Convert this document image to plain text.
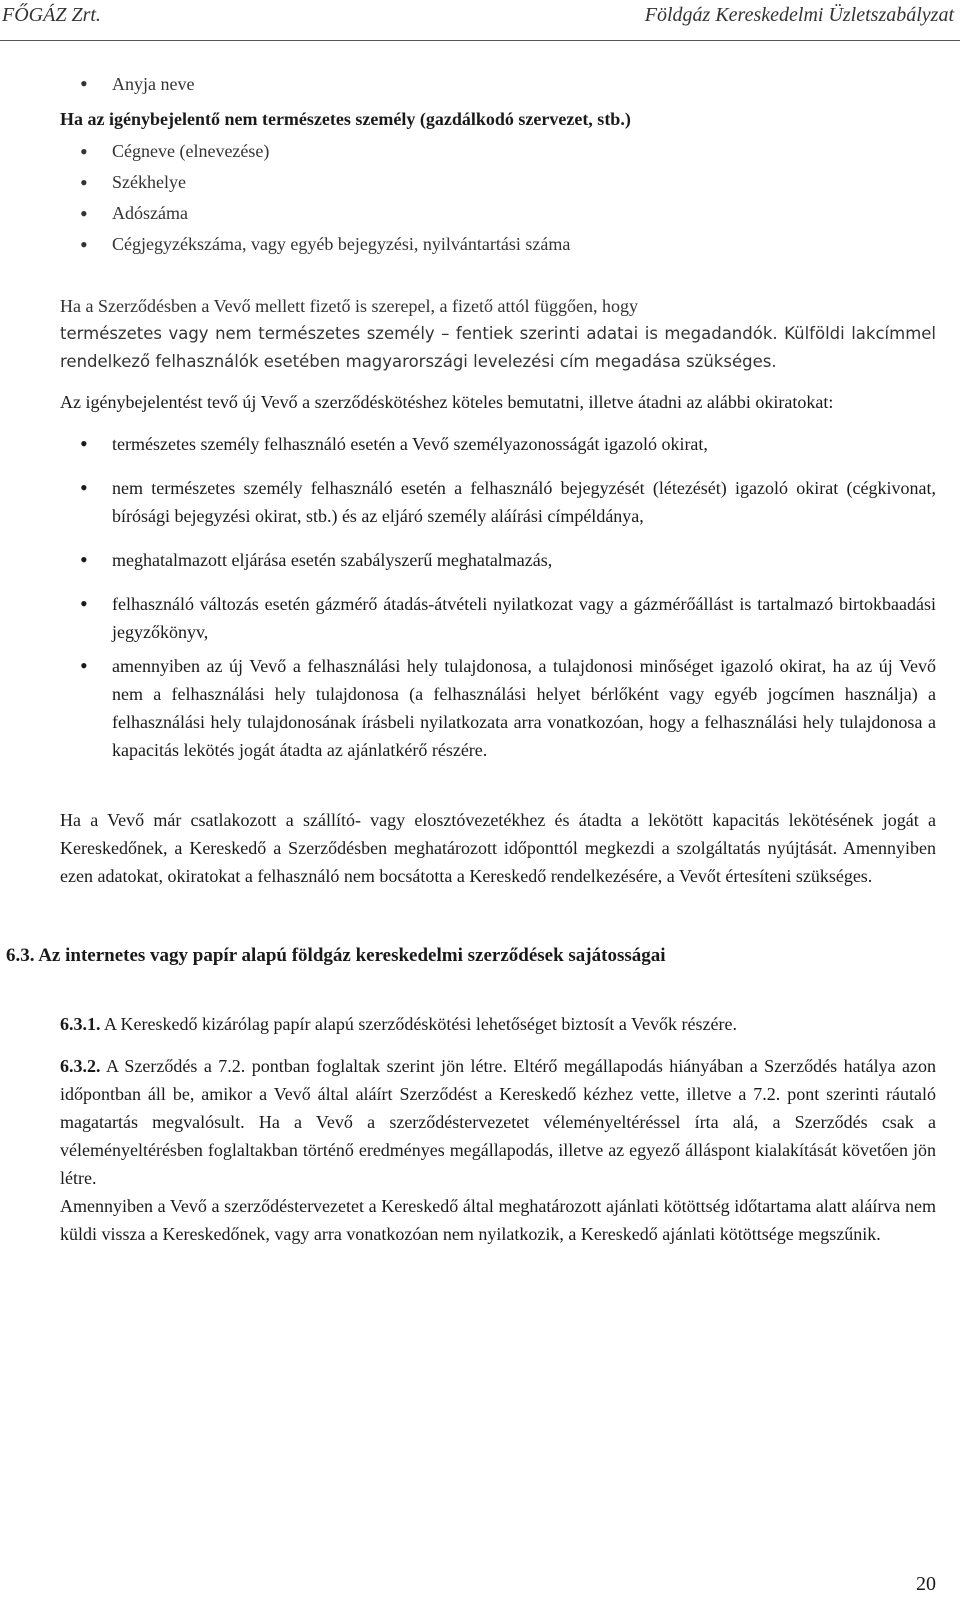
FŐGÁZ Zrt.	Földgáz Kereskedelmi Üzletszabályzat
• Anyja neve
Ha az igénybejelentő nem természetes személy (gazdálkodó szervezet, stb.)
• Cégneve (elnevezése)
• Székhelye
• Adószáma
• Cégjegyzékszáma, vagy egyéb bejegyzési, nyilvántartási száma
Ha a Szerződésben a Vevő mellett fizető is szerepel, a fizető attól függően, hogy
természetes vagy nem természetes személy – fentiek szerinti adatai is megadandók. Külföldi lakcímmel rendelkező felhasználók esetében magyarországi levelezési cím megadása szükséges.
Az igénybejelentést tevő új Vevő a szerződéskötéshez köteles bemutatni, illetve átadni az alábbi okiratokat:
• természetes személy felhasználó esetén a Vevő személyazonosságát igazoló okirat,
• nem természetes személy felhasználó esetén a felhasználó bejegyzését (létezését) igazoló okirat (cégkivonat, bírósági bejegyzési okirat, stb.) és az eljáró személy aláírási címpéldánya,
• meghatalmazott eljárása esetén szabályszerű meghatalmazás,
• felhasználó változás esetén gázmérő átadás-átvételi nyilatkozat vagy a gázmérőállást is tartalmazó birtokbaadási jegyzőkönyv,
• amennyiben az új Vevő a felhasználási hely tulajdonosa, a tulajdonosi minőséget igazoló okirat, ha az új Vevő nem a felhasználási hely tulajdonosa (a felhasználási helyet bérlőként vagy egyéb jogcímen használja) a felhasználási hely tulajdonosának írásbeli nyilatkozata arra vonatkozóan, hogy a felhasználási hely tulajdonosa a kapacitás lekötés jogát átadta az ajánlatkérő részére.
Ha a Vevő már csatlakozott a szállító- vagy elosztóvezetékhez és átadta a lekötött kapacitás lekötésének jogát a Kereskedőnek, a Kereskedő a Szerződésben meghatározott időponttól megkezdi a szolgáltatás nyújtását. Amennyiben ezen adatokat, okiratokat a felhasználó nem bocsátotta a Kereskedő rendelkezésére, a Vevőt értesíteni szükséges.
6.3. Az internetes vagy papír alapú földgáz kereskedelmi szerződések sajátosságai
6.3.1. A Kereskedő kizárólag papír alapú szerződéskötési lehetőséget biztosít a Vevők részére.
6.3.2. A Szerződés a 7.2. pontban foglaltak szerint jön létre. Eltérő megállapodás hiányában a Szerződés hatálya azon időpontban áll be, amikor a Vevő által aláírt Szerződést a Kereskedő kézhez vette, illetve a 7.2. pont szerinti ráutaló magatartás megvalósult. Ha a Vevő a szerződéstervezetet véleményeltéréssel írta alá, a Szerződés csak a véleményeltérésben foglaltakban történő eredményes megállapodás, illetve az egyező álláspont kialakítását követően jön létre.
Amennyiben a Vevő a szerződéstervezetet a Kereskedő által meghatározott ajánlati kötöttség időtartama alatt aláírva nem küldi vissza a Kereskedőnek, vagy arra vonatkozóan nem nyilatkozik, a Kereskedő ajánlati kötöttsége megszűnik.
20
